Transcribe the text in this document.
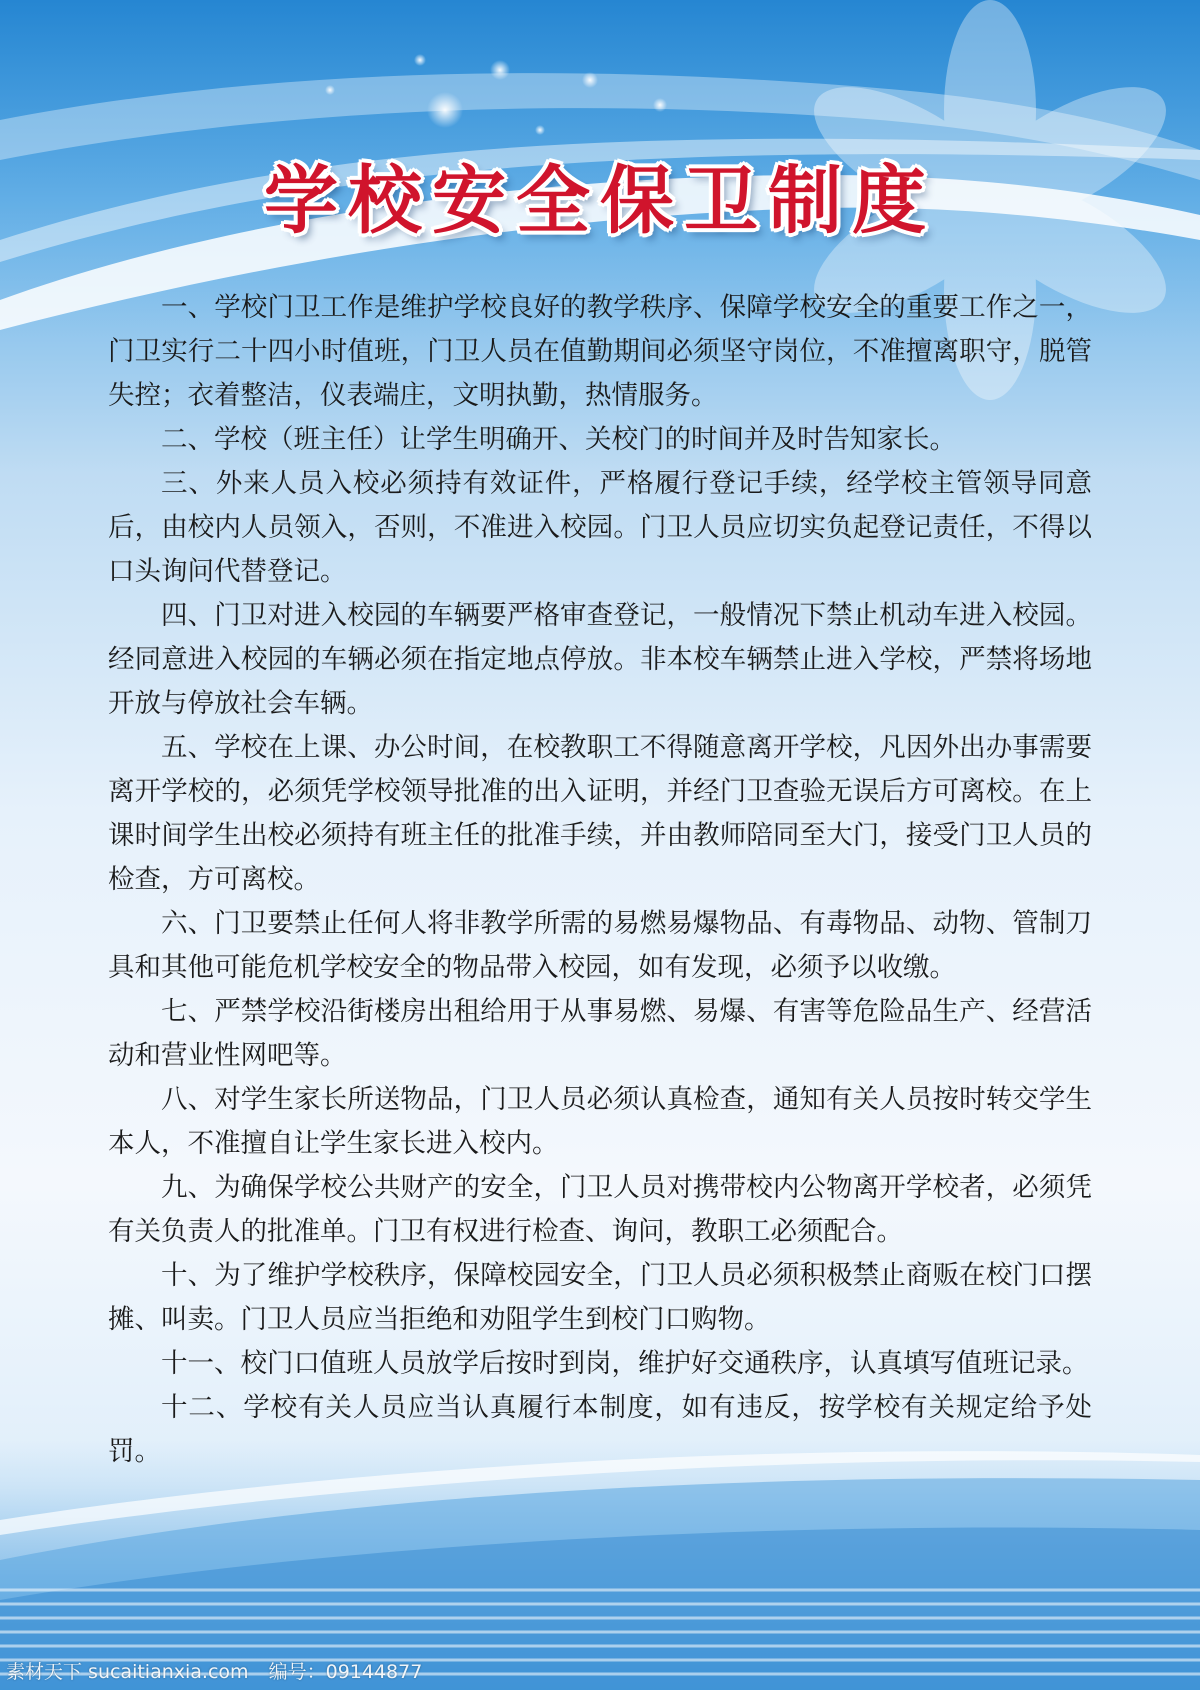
学校安全保卫制度

一、学校门卫工作是维护学校良好的教学秩序、保障学校安全的重要工作之一，门卫实行二十四小时值班，门卫人员在值勤期间必须坚守岗位，不准擅离职守，脱管失控；衣着整洁，仪表端庄，文明执勤，热情服务。

二、学校（班主任）让学生明确开、关校门的时间并及时告知家长。

三、外来人员入校必须持有效证件，严格履行登记手续，经学校主管领导同意后，由校内人员领入，否则，不准进入校园。门卫人员应切实负起登记责任，不得以口头询问代替登记。

四、门卫对进入校园的车辆要严格审查登记，一般情况下禁止机动车进入校园。经同意进入校园的车辆必须在指定地点停放。非本校车辆禁止进入学校，严禁将场地开放与停放社会车辆。

五、学校在上课、办公时间，在校教职工不得随意离开学校，凡因外出办事需要离开学校的，必须凭学校领导批准的出入证明，并经门卫查验无误后方可离校。在上课时间学生出校必须持有班主任的批准手续，并由教师陪同至大门，接受门卫人员的检查，方可离校。

六、门卫要禁止任何人将非教学所需的易燃易爆物品、有毒物品、动物、管制刀具和其他可能危机学校安全的物品带入校园，如有发现，必须予以收缴。

七、严禁学校沿街楼房出租给用于从事易燃、易爆、有害等危险品生产、经营活动和营业性网吧等。

八、对学生家长所送物品，门卫人员必须认真检查，通知有关人员按时转交学生本人，不准擅自让学生家长进入校内。

九、为确保学校公共财产的安全，门卫人员对携带校内公物离开学校者，必须凭有关负责人的批准单。门卫有权进行检查、询问，教职工必须配合。

十、为了维护学校秩序，保障校园安全，门卫人员必须积极禁止商贩在校门口摆摊、叫卖。门卫人员应当拒绝和劝阻学生到校门口购物。

十一、校门口值班人员放学后按时到岗，维护好交通秩序，认真填写值班记录。

十二、学校有关人员应当认真履行本制度，如有违反，按学校有关规定给予处罚。

素材天下 sucaitianxia.com 编号：09144877
